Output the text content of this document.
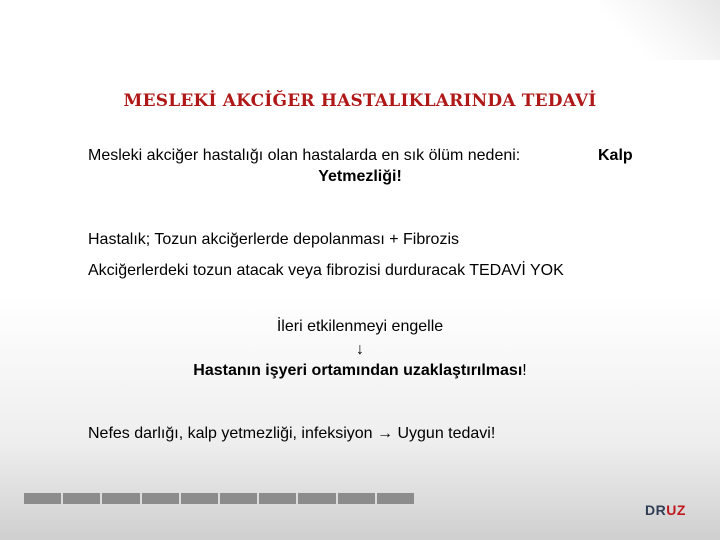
MESLEKİ AKCİĞER HASTALIKLARINDA TEDAVİ
Mesleki akciğer hastalığı olan hastalarda en sık ölüm nedeni:	Kalp
Yetmezliği!
Hastalık; Tozun akciğerlerde depolanması + Fibrozis
Akciğerlerdeki tozun atacak veya fibrozisi durduracak TEDAVİ YOK
İleri etkilenmeyi engelle
↓
Hastanın işyeri ortamından uzaklaştırılması!
Nefes darlığı, kalp yetmezliği, infeksiyon → Uygun tedavi!
DRUZ
